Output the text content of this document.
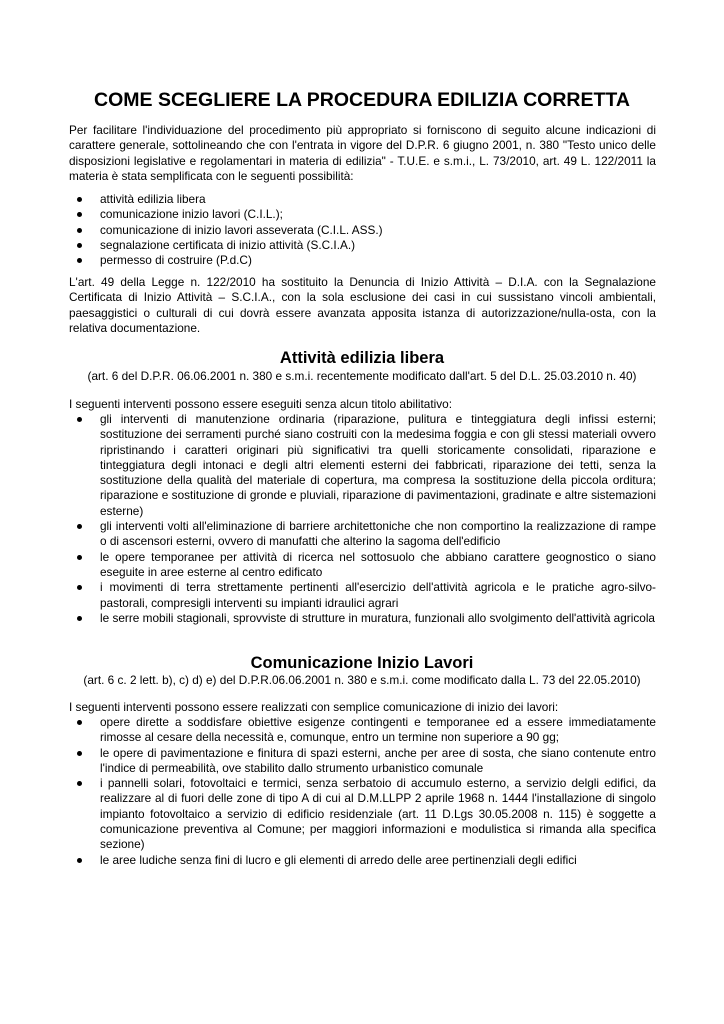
COME SCEGLIERE LA PROCEDURA EDILIZIA CORRETTA

Per facilitare l'individuazione del procedimento più appropriato si forniscono di seguito alcune indicazioni di carattere generale, sottolineando che con l'entrata in vigore del D.P.R. 6 giugno 2001, n. 380 "Testo unico delle disposizioni legislative e regolamentari in materia di edilizia" - T.U.E. e s.m.i., L. 73/2010, art. 49 L. 122/2011 la materia è stata semplificata con le seguenti possibilità:

attività edilizia libera
comunicazione inizio lavori (C.I.L.);
comunicazione di inizio lavori asseverata (C.I.L. ASS.)
segnalazione certificata di inizio attività (S.C.I.A.)
permesso di costruire (P.d.C)

L'art. 49 della Legge n. 122/2010 ha sostituito la Denuncia di Inizio Attività – D.I.A. con la Segnalazione Certificata di Inizio Attività – S.C.I.A., con la sola esclusione dei casi in cui sussistano vincoli ambientali, paesaggistici o culturali di cui dovrà essere avanzata apposita istanza di autorizzazione/nulla-osta, con la relativa documentazione.

Attività edilizia libera

(art. 6 del D.P.R. 06.06.2001 n. 380 e s.m.i. recentemente modificato dall'art. 5 del D.L. 25.03.2010 n. 40)

I seguenti interventi possono essere eseguiti senza alcun titolo abilitativo:

gli interventi di manutenzione ordinaria (riparazione, pulitura e tinteggiatura degli infissi esterni; sostituzione dei serramenti purché siano costruiti con la medesima foggia e con gli stessi materiali ovvero ripristinando i caratteri originari più significativi tra quelli storicamente consolidati, riparazione e tinteggiatura degli intonaci e degli altri elementi esterni dei fabbricati, riparazione dei tetti, senza la sostituzione della qualità del materiale di copertura, ma compresa la sostituzione della piccola orditura; riparazione e sostituzione di gronde e pluviali, riparazione di pavimentazioni, gradinate e altre sistemazioni esterne)
gli interventi volti all'eliminazione di barriere architettoniche che non comportino la realizzazione di rampe o di ascensori esterni, ovvero di manufatti che alterino la sagoma dell'edificio
le opere temporanee per attività di ricerca nel sottosuolo che abbiano carattere geognostico o siano eseguite in aree esterne al centro edificato
i movimenti di terra strettamente pertinenti all'esercizio dell'attività agricola e le pratiche agro-silvo-pastorali, compresigli interventi su impianti idraulici agrari
le serre mobili stagionali, sprovviste di strutture in muratura, funzionali allo svolgimento dell'attività agricola
Comunicazione Inizio Lavori

(art. 6 c. 2 lett. b), c) d) e) del D.P.R.06.06.2001 n. 380 e s.m.i. come modificato dalla L. 73 del 22.05.2010)

I seguenti interventi possono essere realizzati con semplice comunicazione di inizio dei lavori:

opere dirette a soddisfare obiettive esigenze contingenti e temporanee ed a essere immediatamente rimosse al cesare della necessità e, comunque, entro un termine non superiore a 90 gg;
le opere di pavimentazione e finitura di spazi esterni, anche per aree di sosta, che siano contenute entro l'indice di permeabilità, ove stabilito dallo strumento urbanistico comunale
i pannelli solari, fotovoltaici e termici, senza serbatoio di accumulo esterno, a servizio delgli edifici, da realizzare al di fuori delle zone di tipo A di cui al D.M.LLPP 2 aprile 1968 n. 1444 l'installazione di singolo impianto fotovoltaico a servizio di edificio residenziale (art. 11 D.Lgs 30.05.2008 n. 115) è soggette a comunicazione preventiva al Comune; per maggiori informazioni e modulistica si rimanda alla specifica sezione)
le aree ludiche senza fini di lucro e gli elementi di arredo delle aree pertinenziali degli edifici
